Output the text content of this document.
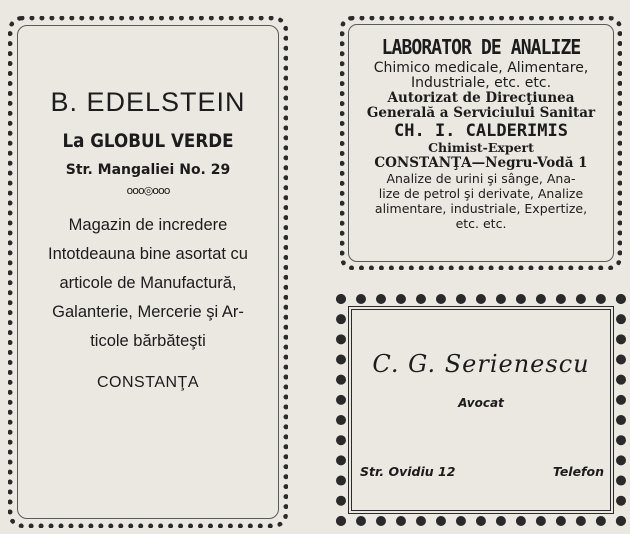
B. EDELSTEIN
La GLOBUL VERDE
Str. Mangaliei No. 29
ooo◎ooo
Magazin de incredere
Intotdeauna bine asortat cu
articole de Manufactură,
Galanterie, Mercerie şi Ar-
ticole bărbăteşti
CONSTANŢA
LABORATOR DE ANALIZE
Chimico medicale, Alimentare,
Industriale, etc. etc.
Autorizat de Direcţiunea
Generală a Serviciului Sanitar
CH. I. CALDERIMIS
Chimist-Expert
CONSTANŢA—Negru-Vodă 1
Analize de urini şi sânge, Ana-
lize de petrol şi derivate, Analize
alimentare, industriale, Expertize,
etc. etc.
C. G. Serienescu
Avocat
Str. Ovidiu 12	Telefon
